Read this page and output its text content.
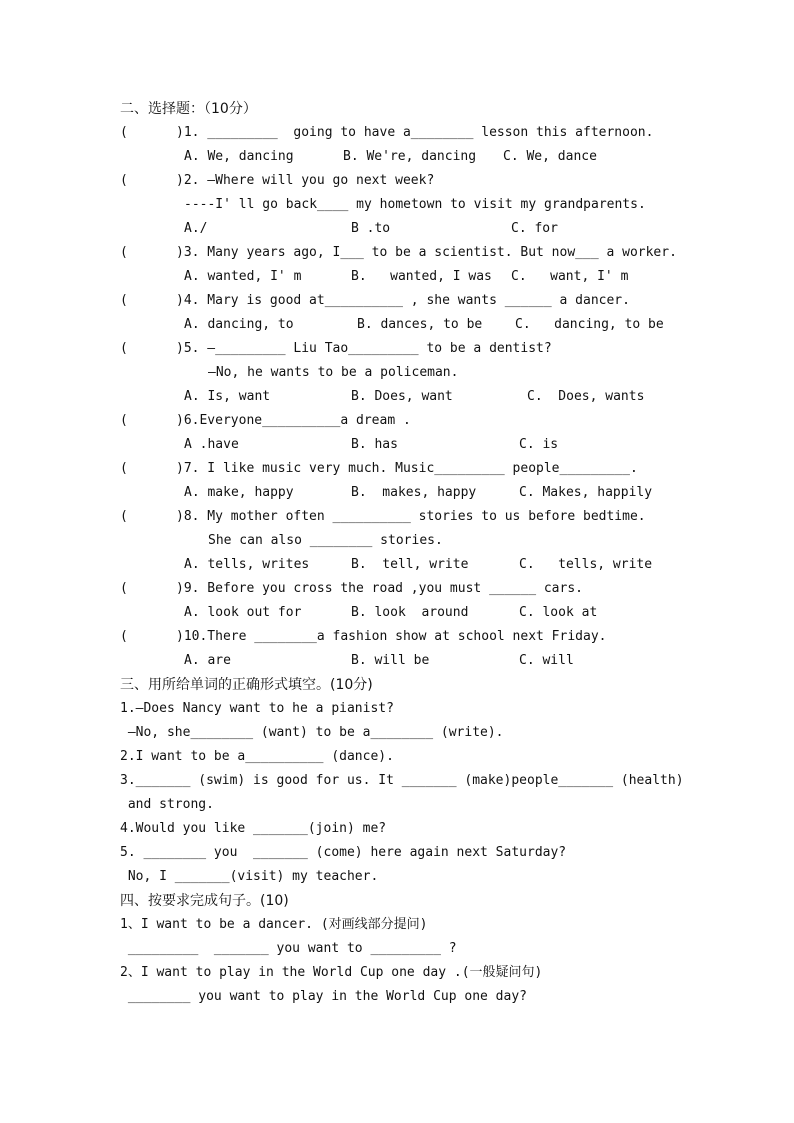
二、选择题：（10分）

(

	)1. _________  going to have a________ lesson this afternoon.

A. We, dancing

	B. We're, dancing

C. We, dance

(

	)2. —Where will you go next week?

----I' ll go back____ my hometown to visit my grandparents.

A./

	B .to

	C. for

(

	)3. Many years ago, I___ to be a scientist. But now___ a worker.

A. wanted, I' m

	B.   wanted, I was

C.   want, I' m

(

	)4. Mary is good at__________ , she wants ______ a dancer.

A. dancing, to

	B. dances, to be

	C.   dancing, to be

(

	)5. —_________ Liu Tao_________ to be a dentist?

—No, he wants to be a policeman.

A. Is, want

	B. Does, want

	C.  Does, wants

(

	)6.Everyone__________a dream .

A .have

	B. has

	C. is

(

	)7. I like music very much. Music_________ people_________.

A. make, happy

	B.  makes, happy

	C. Makes, happily

(

	)8. My mother often __________ stories to us before bedtime.

She can also ________ stories.

A. tells, writes

	B.  tell, write

	C.   tells, write

(

	)9. Before you cross the road ,you must ______ cars.

A. look out for

	B. look  around

	C. look at

(

	)10.There ________a fashion show at school next Friday.

A. are

	B. will be

	C. will

三、用所给单词的正确形式填空。(10分)
1.—Does Nancy want to he a pianist?
—No, she________ (want) to be a________ (write).
2.I want to be a__________ (dance).
3._______ (swim) is good for us. It _______ (make)people_______ (health)
and strong.
4.Would you like _______(join) me?
5. ________ you  _______ (come) here again next Saturday?
No, I _______(visit) my teacher.
四、按要求完成句子。(10)
1、I want to be a dancer. (对画线部分提问)
_________  _______ you want to _________ ?
2、I want to play in the World Cup one day .(一般疑问句)
________ you want to play in the World Cup one day?
